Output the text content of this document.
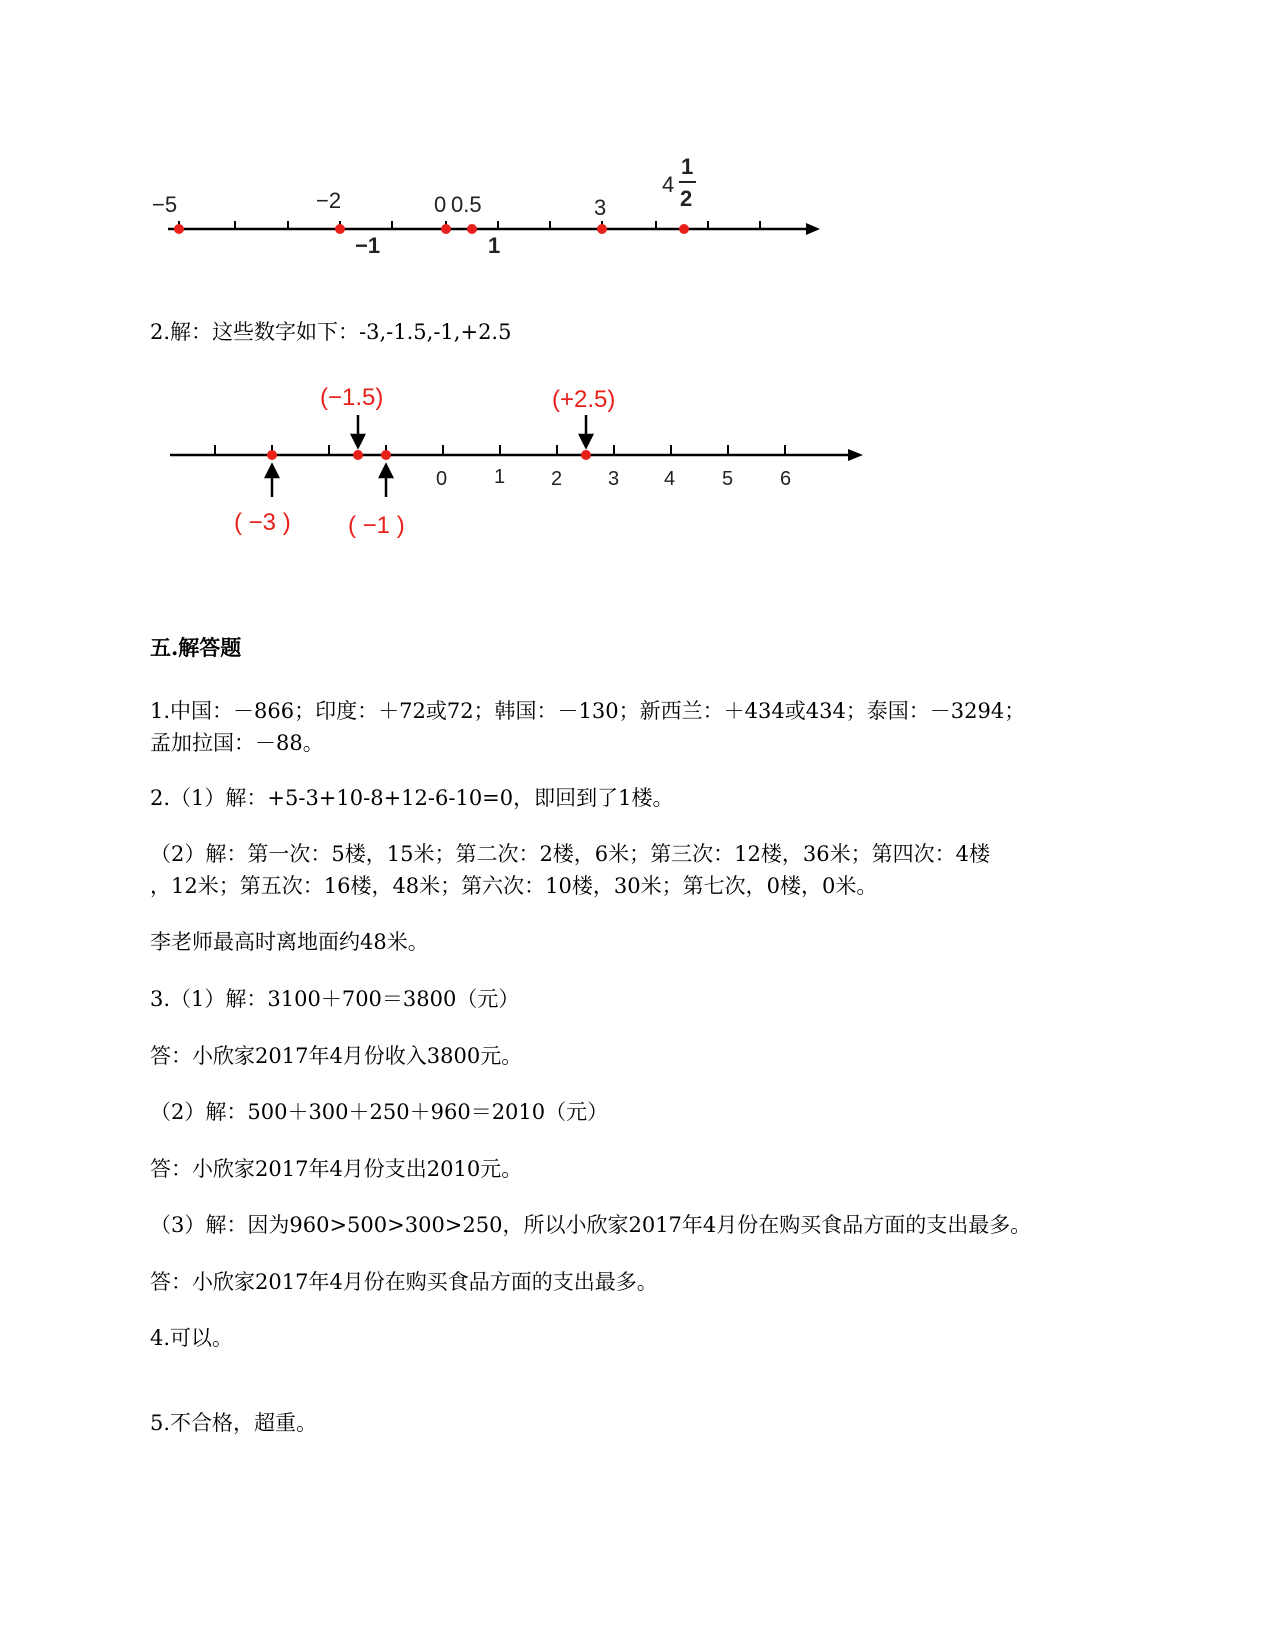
−5	−2	0 0.5	3
4
1
2
−1	1
2.解：这些数字如下：-3,-1.5,-1,+2.5
(−1.5)	(+2.5)
( −3 ) ( −1 )
0 1 2 3 4 5 6
五.解答题
1.中国：－866；印度：＋72或72；韩国：－130；新西兰：＋434或434；泰国：－3294；
孟加拉国：－88。
2.（1）解：+5-3+10-8+12-6-10=0，即回到了1楼。
（2）解：第一次：5楼，15米；第二次：2楼，6米；第三次：12楼，36米；第四次：4楼
，12米；第五次：16楼，48米；第六次：10楼，30米；第七次，0楼，0米。
李老师最高时离地面约48米。
3.（1）解：3100＋700＝3800（元）
答：小欣家2017年4月份收入3800元。
（2）解：500＋300＋250＋960＝2010（元）
答：小欣家2017年4月份支出2010元。
（3）解：因为960>500>300>250，所以小欣家2017年4月份在购买食品方面的支出最多。
答：小欣家2017年4月份在购买食品方面的支出最多。
4.可以。
5.不合格，超重。
